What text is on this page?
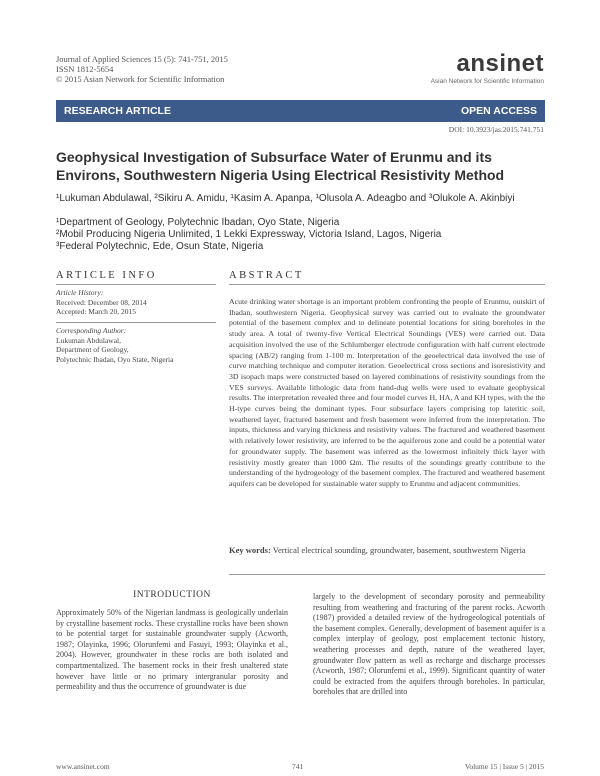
Journal of Applied Sciences 15 (5): 741-751, 2015
ISSN 1812-5654
© 2015 Asian Network for Scientific Information
ansinet
Asian Network for Scientific Information
RESEARCH ARTICLE	OPEN ACCESS
DOI: 10.3923/jas.2015.741.751
Geophysical Investigation of Subsurface Water of Erunmu and its Environs, Southwestern Nigeria Using Electrical Resistivity Method
¹Lukuman Abdulawal, ²Sikiru A. Amidu, ¹Kasim A. Apanpa, ¹Olusola A. Adeagbo and ³Olukole A. Akinbiyi
¹Department of Geology, Polytechnic Ibadan, Oyo State, Nigeria
²Mobil Producing Nigeria Unlimited, 1 Lekki Expressway, Victoria Island, Lagos, Nigeria
³Federal Polytechnic, Ede, Osun State, Nigeria
ARTICLE INFO
Article History:
Received: December 08, 2014
Accepted: March 20, 2015
Corresponding Author:
Lukuman Abdulawal,
Department of Geology,
Polytechnic Ibadan, Oyo State, Nigeria
ABSTRACT
Acute drinking water shortage is an important problem confronting the people of Erunmu, outskirt of Ibadan, southwestern Nigeria. Geophysical survey was carried out to evaluate the groundwater potential of the basement complex and to delineate potential locations for siting boreholes in the study area. A total of twenty-five Vertical Electrical Soundings (VES) were carried out. Data acquisition involved the use of the Schlumberger electrode configuration with half current electrode spacing (AB/2) ranging from 1-100 m. Interpretation of the geoelectrical data involved the use of curve matching technique and computer iteration. Geoelectrical cross sections and isoresistivity and 3D isopach maps were constructed based on layered combinations of resistivity soundings from the VES surveys. Available lithologic data from hand-dug wells were used to evaluate geophysical results. The interpretation revealed three and four model curves H, HA, A and KH types, with the the H-type curves being the dominant types. Four subsurface layers comprising top lateritic soil, weathered layer, fractured basement and fresh basement were inferred from the interpretation. The inputs, thickness and varying thickness and resistivity values. The fractured and weathered basement with relatively lower resistivity, are inferred to be the aquiferous zone and could be a potential water for groundwater supply. The basement was inferred as the lowermost infinitely thick layer with resistivity mostly greater than 1000 Ωm. The results of the soundings greatly contribute to the understanding of the hydrogeology of the basement complex. The fractured and weathered basement aquifers can be developed for sustainable water supply to Erunmu and adjacent communities.
Key words: Vertical electrical sounding, groundwater, basement, southwestern Nigeria
INTRODUCTION
Approximately 50% of the Nigerian landmass is geologically underlain by crystalline basement rocks. These crystalline rocks have been shown to be potential target for sustainable groundwater supply (Acworth, 1987; Olayinka, 1996; Olorunfemi and Fasuyi, 1993; Olayinka et al., 2004). However, groundwater in these rocks are both isolated and compartmentalized. The basement rocks in their fresh unaltered state however have little or no primary intergranular porosity and permeability and thus the occurrence of groundwater is due
largely to the development of secondary porosity and permeability resulting from weathering and fracturing of the parent rocks. Acworth (1987) provided a detailed review of the hydrogeological potentials of the basement complex. Generally, development of basement aquifer is a complex interplay of geology, post emplacement tectonic history, weathering processes and depth, nature of the weathered layer, groundwater flow pattern as well as recharge and discharge processes (Acworth, 1987; Olorunfemi et al., 1999). Significant quantity of water could be extracted from the aquifers through boreholes. In particular, boreholes that are drilled into
www.ansinet.com	741	Volume 15 | Issue 5 | 2015
